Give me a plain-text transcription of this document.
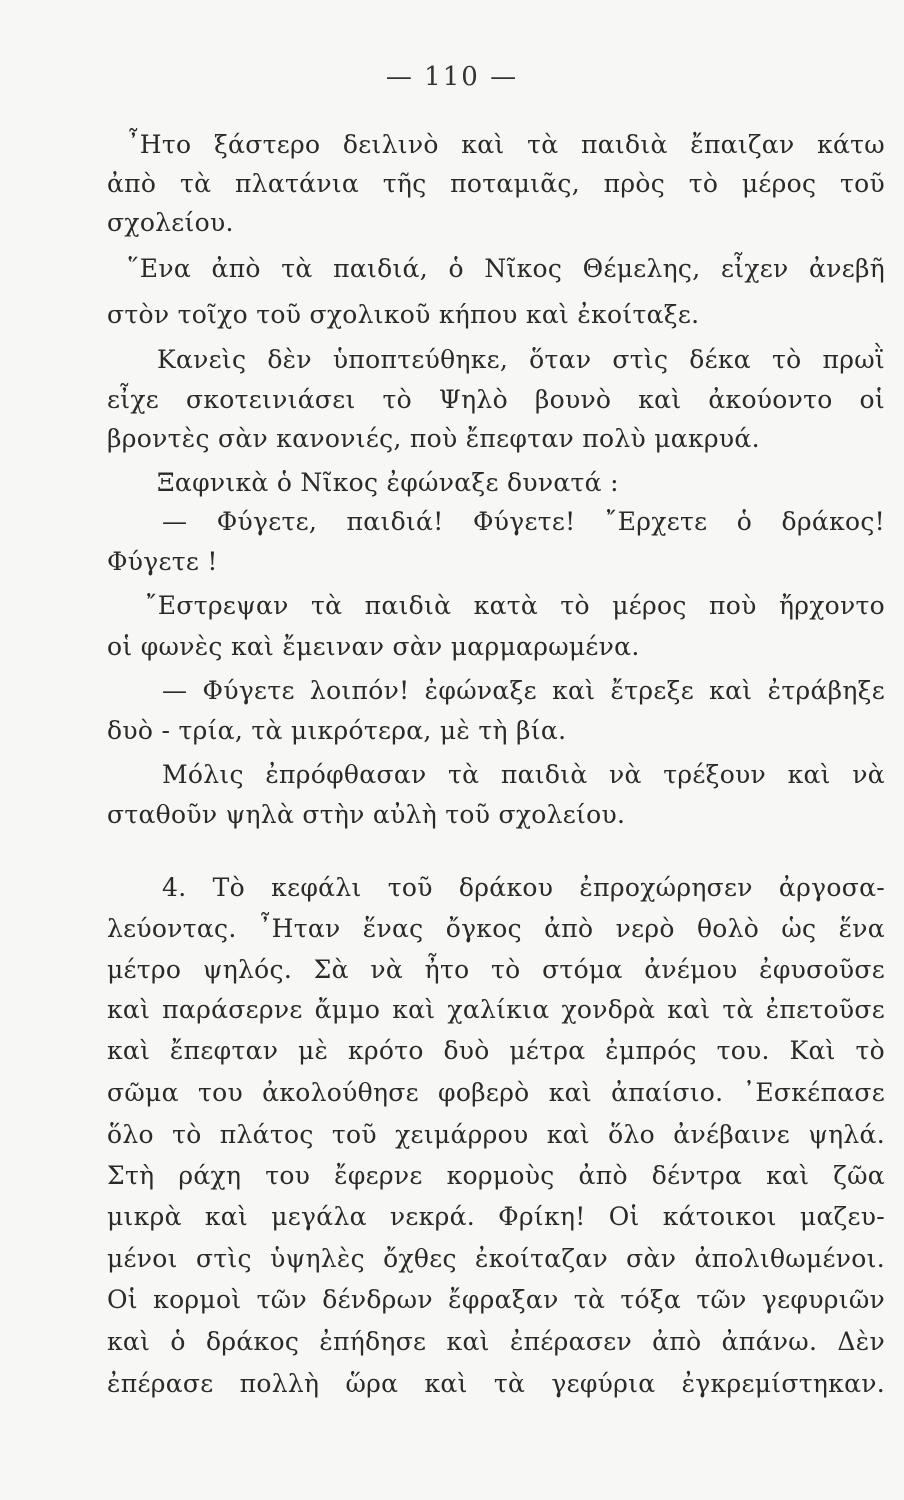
— 110 —
῏Ητο ξάστερο δειλινὸ καὶ τὰ παιδιὰ ἔπαιζαν κάτω
ἀπὸ τὰ πλατάνια τῆς ποταμιᾶς, πρὸς τὸ μέρος τοῦ
σχολείου.
῞Ενα ἀπὸ τὰ παιδιά, ὁ Νῖκος Θέμελης, εἶχεν ἀνεβῆ
στὸν τοῖχο τοῦ σχολικοῦ κήπου καὶ ἐκοίταξε.
Κανεὶς δὲν ὑποπτεύθηκε, ὅταν στὶς δέκα τὸ πρωῒ
εἶχε σκοτεινιάσει τὸ Ψηλὸ βουνὸ καὶ ἀκούοντο οἱ
βροντὲς σὰν κανονιές, ποὺ ἔπεφταν πολὺ μακρυά.
Ξαφνικὰ ὁ Νῖκος ἐφώναξε δυνατά :
— Φύγετε, παιδιά! Φύγετε! ῎Ερχετε ὁ δράκος!
Φύγετε !
῎Εστρεψαν τὰ παιδιὰ κατὰ τὸ μέρος ποὺ ἤρχοντο
οἱ φωνὲς καὶ ἔμειναν σὰν μαρμαρωμένα.
— Φύγετε λοιπόν! ἐφώναξε καὶ ἔτρεξε καὶ ἐτράβηξε
δυὸ - τρία, τὰ μικρότερα, μὲ τὴ βία.
Μόλις ἐπρόφθασαν τὰ παιδιὰ νὰ τρέξουν καὶ νὰ
σταθοῦν ψηλὰ στὴν αὐλὴ τοῦ σχολείου.
4. Τὸ κεφάλι τοῦ δράκου ἐπροχώρησεν ἀργοσα-
λεύοντας. ῏Ηταν ἕνας ὄγκος ἀπὸ νερὸ θολὸ ὡς ἕνα
μέτρο ψηλός. Σὰ νὰ ἦτο τὸ στόμα ἀνέμου ἐφυσοῦσε
καὶ παράσερνε ἄμμο καὶ χαλίκια χονδρὰ καὶ τὰ ἐπετοῦσε
καὶ ἔπεφταν μὲ κρότο δυὸ μέτρα ἐμπρός του. Καὶ τὸ
σῶμα του ἀκολούθησε φοβερὸ καὶ ἀπαίσιο. ᾽Εσκέπασε
ὅλο τὸ πλάτος τοῦ χειμάρρου καὶ ὅλο ἀνέβαινε ψηλά.
Στὴ ράχη του ἔφερνε κορμοὺς ἀπὸ δέντρα καὶ ζῶα
μικρὰ καὶ μεγάλα νεκρά. Φρίκη! Οἱ κάτοικοι μαζευ-
μένοι στὶς ὑψηλὲς ὄχθες ἐκοίταζαν σὰν ἀπολιθωμένοι.
Οἱ κορμοὶ τῶν δένδρων ἔφραξαν τὰ τόξα τῶν γεφυριῶν
καὶ ὁ δράκος ἐπήδησε καὶ ἐπέρασεν ἀπὸ ἀπάνω. Δὲν
ἐπέρασε πολλὴ ὥρα καὶ τὰ γεφύρια ἐγκρεμίστηκαν.
